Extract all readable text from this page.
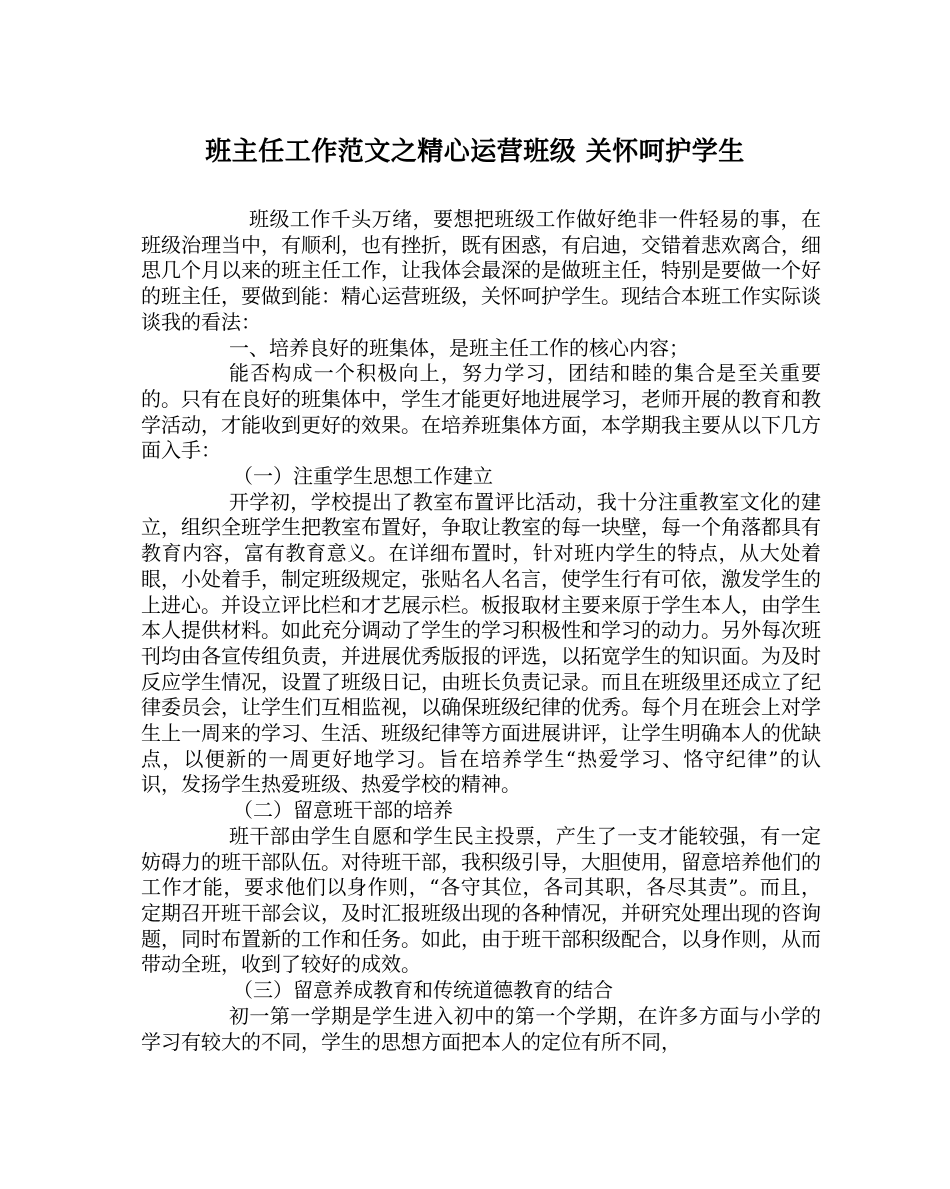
班主任工作范文之精心运营班级 关怀呵护学生

班级工作千头万绪，要想把班级工作做好绝非一件轻易的事，在班级治理当中，有顺利，也有挫折，既有困惑，有启迪，交错着悲欢离合，细思几个月以来的班主任工作，让我体会最深的是做班主任，特别是要做一个好的班主任，要做到能：精心运营班级，关怀呵护学生。现结合本班工作实际谈谈我的看法：

一、培养良好的班集体，是班主任工作的核心内容；

能否构成一个积极向上，努力学习，团结和睦的集合是至关重要的。只有在良好的班集体中，学生才能更好地进展学习，老师开展的教育和教学活动，才能收到更好的效果。在培养班集体方面，本学期我主要从以下几方面入手：

（一）注重学生思想工作建立

开学初，学校提出了教室布置评比活动，我十分注重教室文化的建立，组织全班学生把教室布置好，争取让教室的每一块壁，每一个角落都具有教育内容，富有教育意义。在详细布置时，针对班内学生的特点，从大处着眼，小处着手，制定班级规定，张贴名人名言，使学生行有可依，激发学生的上进心。并设立评比栏和才艺展示栏。板报取材主要来原于学生本人，由学生本人提供材料。如此充分调动了学生的学习积极性和学习的动力。另外每次班刊均由各宣传组负责，并进展优秀版报的评选，以拓宽学生的知识面。为及时反应学生情况，设置了班级日记，由班长负责记录。而且在班级里还成立了纪律委员会，让学生们互相监视，以确保班级纪律的优秀。每个月在班会上对学生上一周来的学习、生活、班级纪律等方面进展讲评，让学生明确本人的优缺点，以便新的一周更好地学习。旨在培养学生“热爱学习、恪守纪律”的认识，发扬学生热爱班级、热爱学校的精神。

（二）留意班干部的培养

班干部由学生自愿和学生民主投票，产生了一支才能较强，有一定妨碍力的班干部队伍。对待班干部，我积级引导，大胆使用，留意培养他们的工作才能，要求他们以身作则，“各守其位，各司其职，各尽其责”。而且，定期召开班干部会议，及时汇报班级出现的各种情况，并研究处理出现的咨询题，同时布置新的工作和任务。如此，由于班干部积级配合，以身作则，从而带动全班，收到了较好的成效。

（三）留意养成教育和传统道德教育的结合

初一第一学期是学生进入初中的第一个学期，在许多方面与小学的学习有较大的不同，学生的思想方面把本人的定位有所不同，
